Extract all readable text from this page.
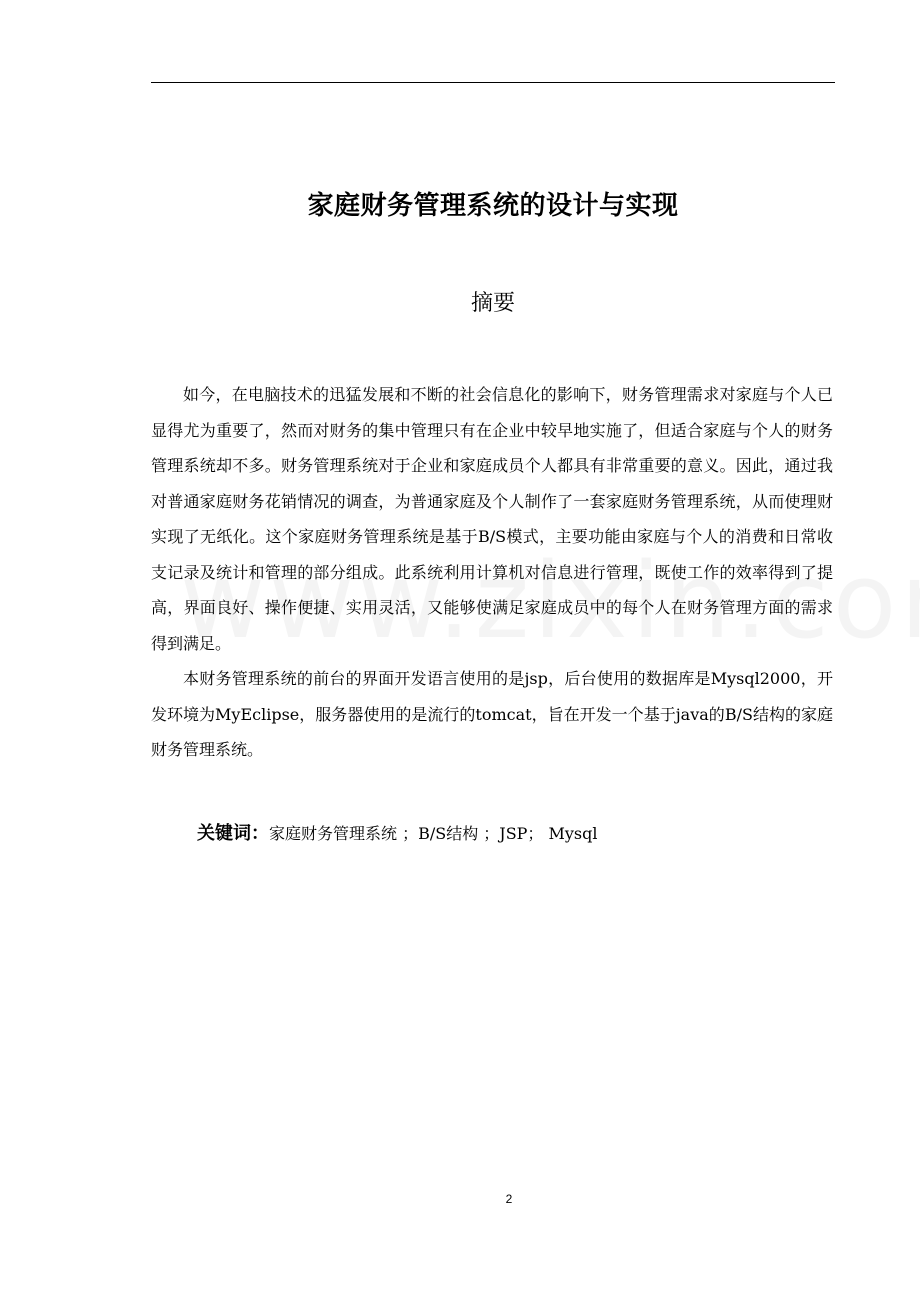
家庭财务管理系统的设计与实现
摘要

如今，在电脑技术的迅猛发展和不断的社会信息化的影响下，财务管理需求对家庭与个人已显得尤为重要了，然而对财务的集中管理只有在企业中较早地实施了，但适合家庭与个人的财务管理系统却不多。财务管理系统对于企业和家庭成员个人都具有非常重要的意义。因此，通过我对普通家庭财务花销情况的调查，为普通家庭及个人制作了一套家庭财务管理系统，从而使理财实现了无纸化。这个家庭财务管理系统是基于B/S模式，主要功能由家庭与个人的消费和日常收支记录及统计和管理的部分组成。此系统利用计算机对信息进行管理，既使工作的效率得到了提高，界面良好、操作便捷、实用灵活，又能够使满足家庭成员中的每个人在财务管理方面的需求得到满足。

本财务管理系统的前台的界面开发语言使用的是jsp，后台使用的数据库是Mysql2000，开发环境为MyEclipse，服务器使用的是流行的tomcat，旨在开发一个基于java的B/S结构的家庭财务管理系统。

关键词：家庭财务管理系统 ；B/S结构 ；JSP； Mysql
2
